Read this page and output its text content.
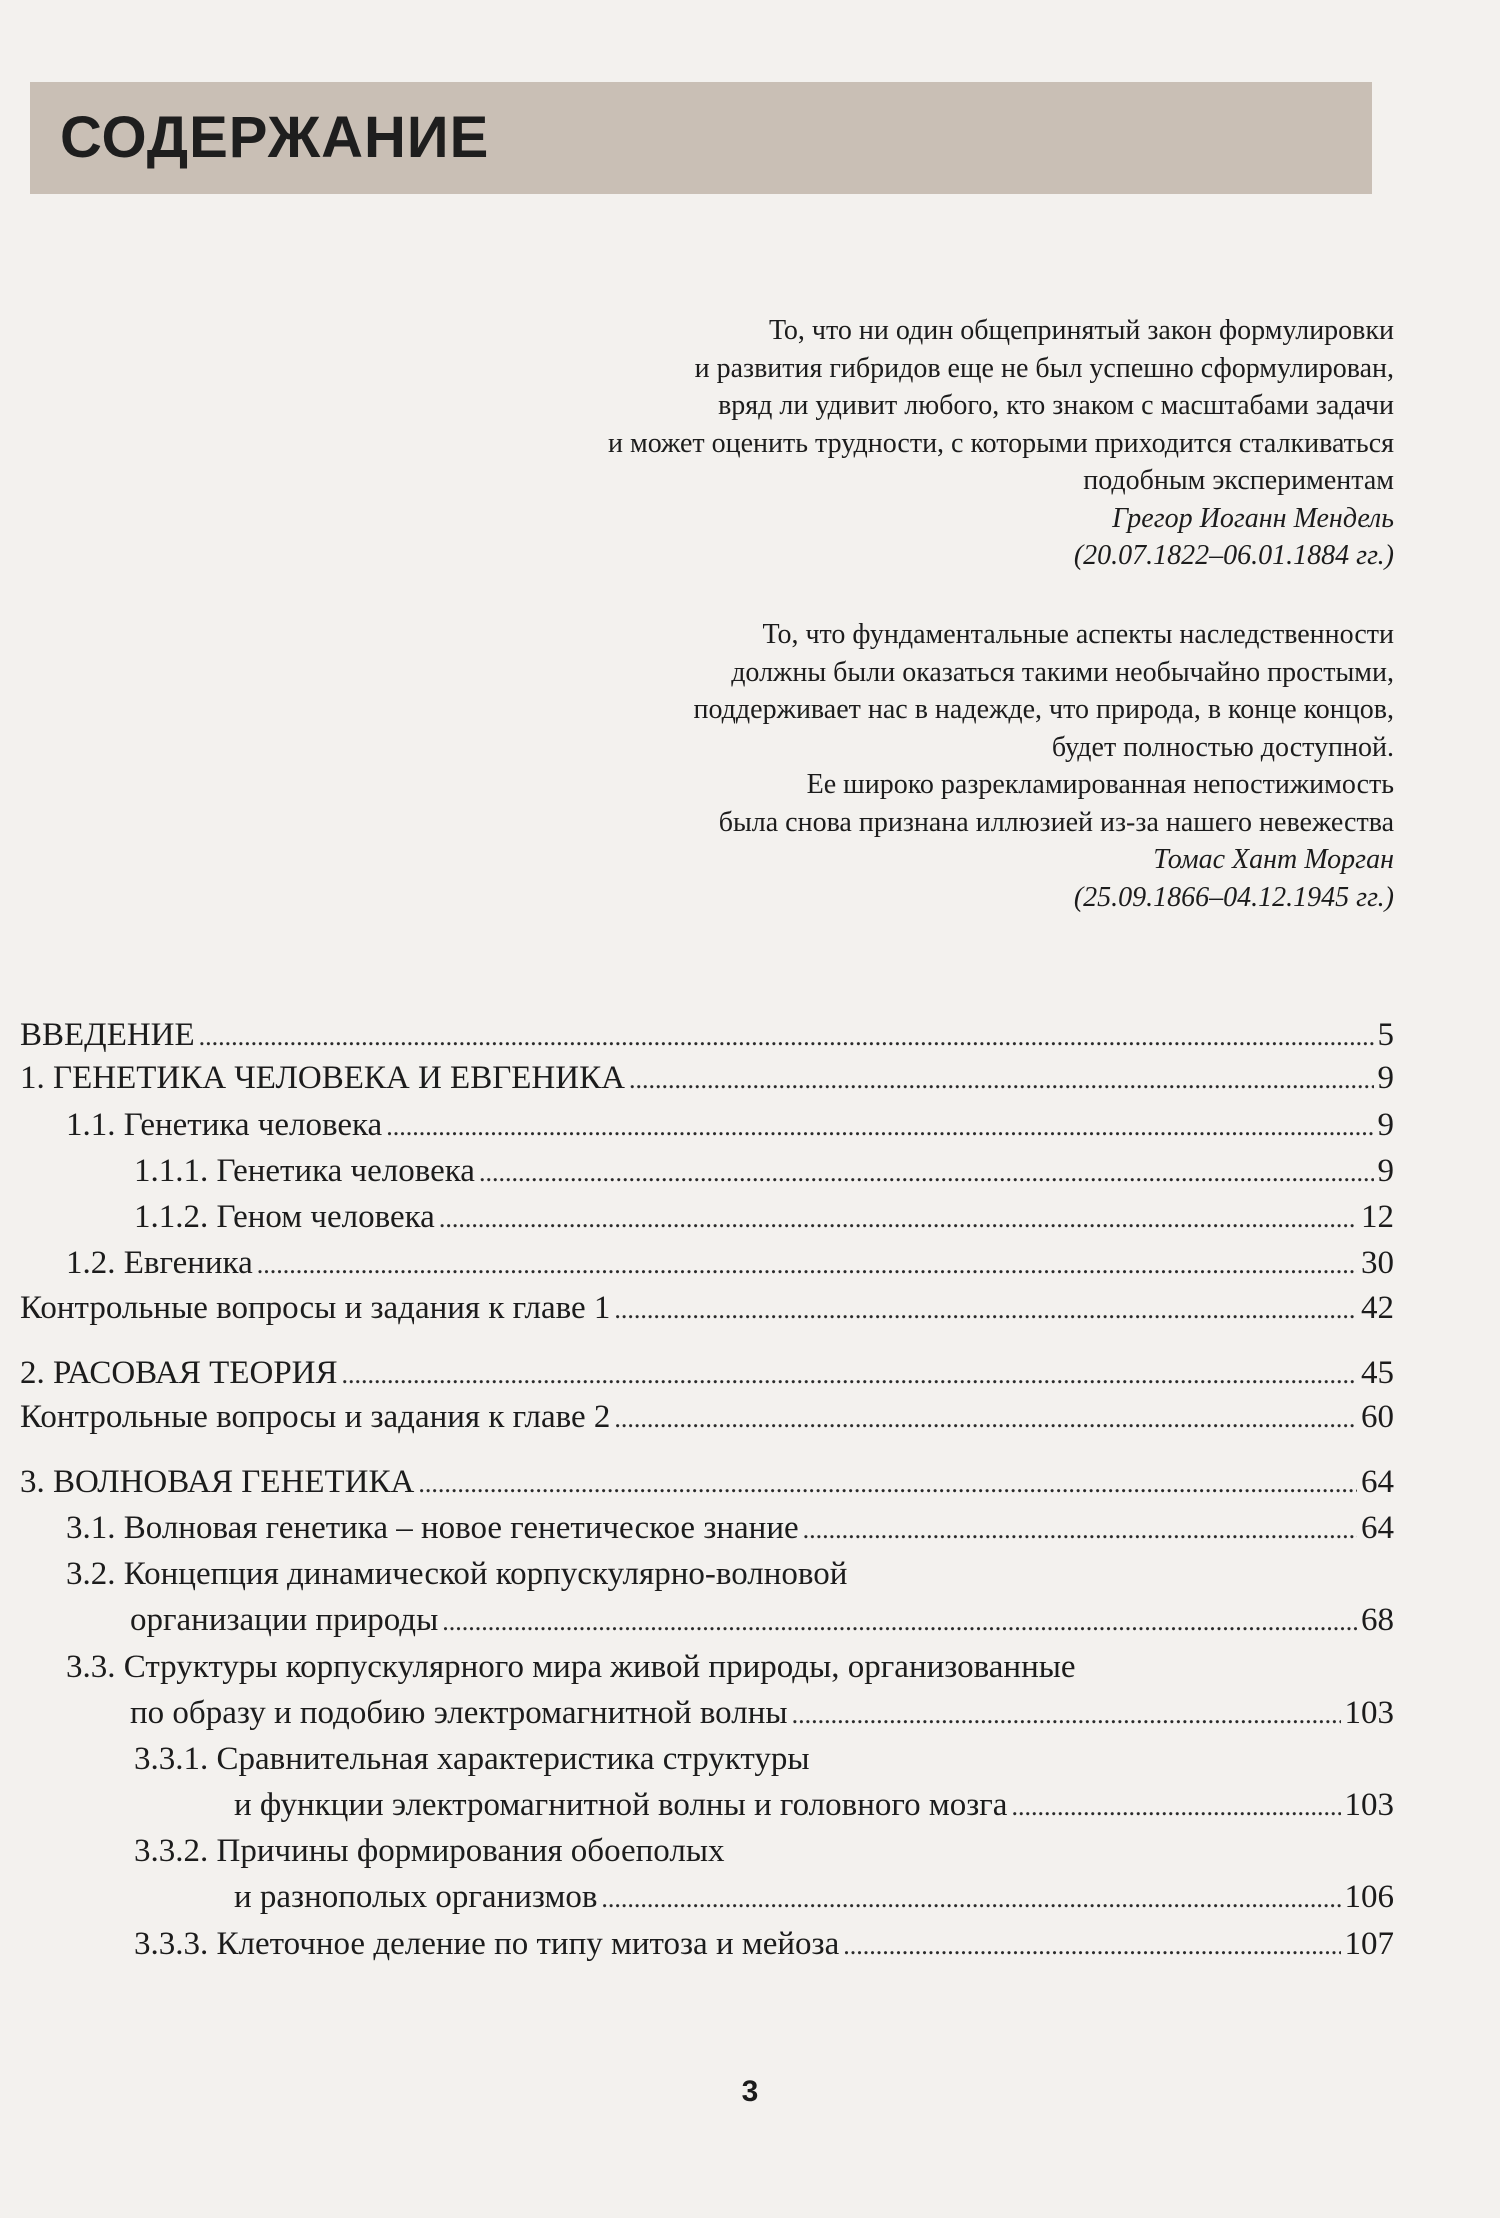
СОДЕРЖАНИЕ
То, что ни один общепринятый закон формулировки
и развития гибридов еще не был успешно сформулирован,
вряд ли удивит любого, кто знаком с масштабами задачи
и может оценить трудности, с которыми приходится сталкиваться
подобным экспериментам
Грегор Иоганн Мендель
(20.07.1822–06.01.1884 гг.)
То, что фундаментальные аспекты наследственности
должны были оказаться такими необычайно простыми,
поддерживает нас в надежде, что природа, в конце концов,
будет полностью доступной.
Ее широко разрекламированная непостижимость
была снова признана иллюзией из-за нашего невежества
Томас Хант Морган
(25.09.1866–04.12.1945 гг.)
ВВЕДЕНИЕ .....	5
1. ГЕНЕТИКА ЧЕЛОВЕКА И ЕВГЕНИКА .....	9
1.1. Генетика человека .....	9
1.1.1. Генетика человека .....	9
1.1.2. Геном человека .....	12
1.2. Евгеника .....	30
Контрольные вопросы и задания к главе 1 .....	42
2. РАСОВАЯ ТЕОРИЯ .....	45
Контрольные вопросы и задания к главе 2 .....	60
3. ВОЛНОВАЯ ГЕНЕТИКА .....	64
3.1. Волновая генетика – новое генетическое знание .....	64
3.2. Концепция динамической корпускулярно-волновой
организации природы .....	68
3.3. Структуры корпускулярного мира живой природы, организованные
по образу и подобию электромагнитной волны .....	103
3.3.1. Сравнительная характеристика структуры
и функции электромагнитной волны и головного мозга .....	103
3.3.2. Причины формирования обоеполых
и разнополых организмов .....	106
3.3.3. Клеточное деление по типу митоза и мейоза .....	107
3
